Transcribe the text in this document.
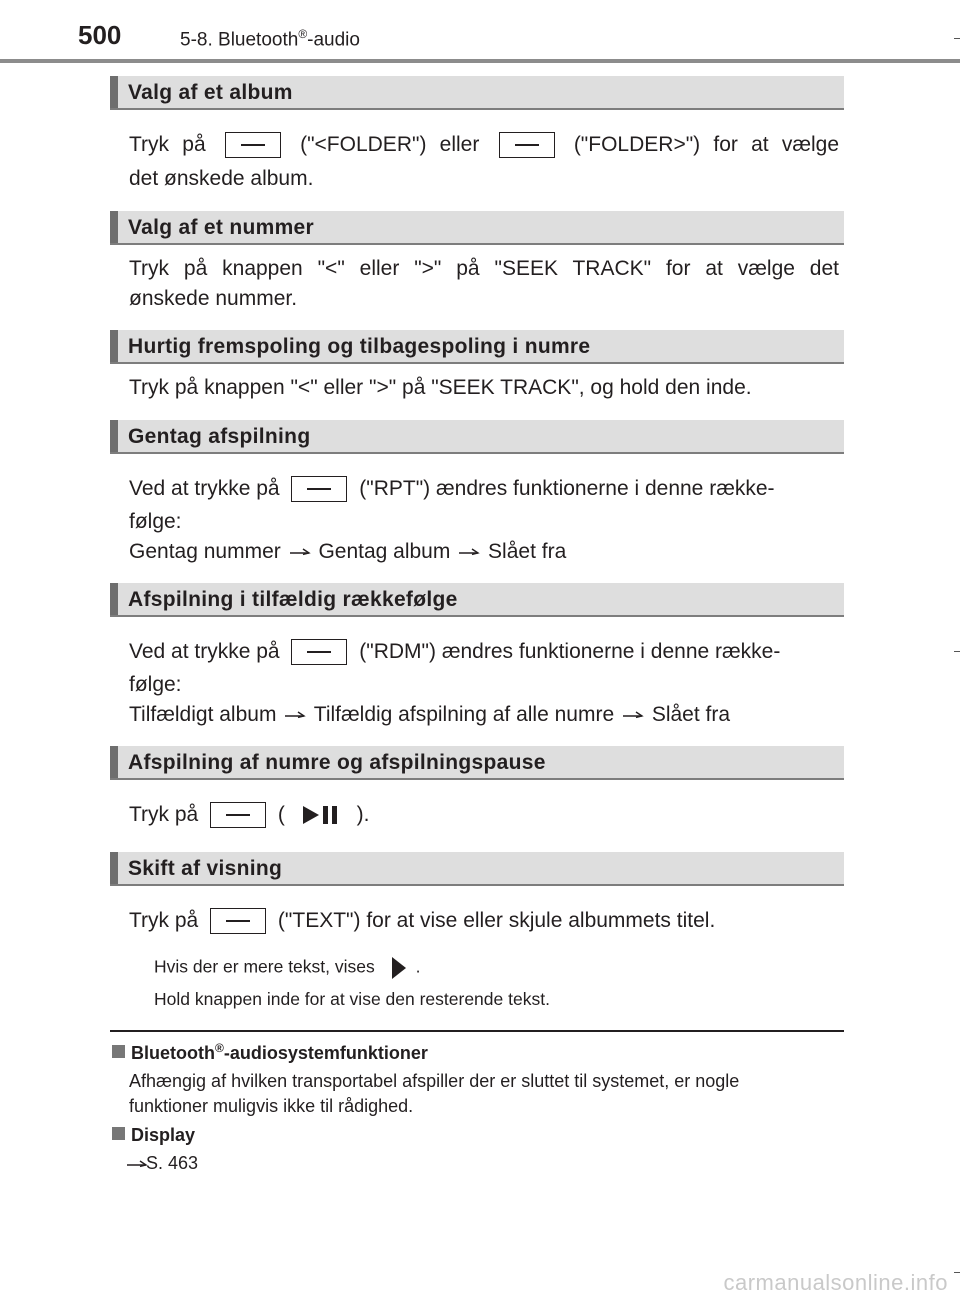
500	5-8. Bluetooth®-audio
Valg af et album
Tryk på	("<FOLDER") eller	("FOLDER>") for at vælge
det ønskede album.
Valg af et nummer
Tryk på knappen "<" eller ">" på "SEEK TRACK" for at vælge det
ønskede nummer.
Hurtig fremspoling og tilbagespoling i numre
Tryk på knappen "<" eller ">" på "SEEK TRACK", og hold den inde.
Gentag afspilning
Ved at trykke på	("RPT") ændres funktionerne i denne række-
følge:
Gentag nummer Gentag album Slået fra
Afspilning i tilfældig rækkefølge
Ved at trykke på	("RDM") ændres funktionerne i denne række-
følge:
Tilfældigt album Tilfældig afspilning af alle numre Slået fra
Afspilning af numre og afspilningspause
Tryk på	(	).
Skift af visning
Tryk på	("TEXT") for at vise eller skjule albummets titel.
Hvis der er mere tekst, vises .
Hold knappen inde for at vise den resterende tekst.
Bluetooth®-audiosystemfunktioner
Afhængig af hvilken transportabel afspiller der er sluttet til systemet, er nogle
funktioner muligvis ikke til rådighed.
Display
S. 463
carmanualsonline.info
